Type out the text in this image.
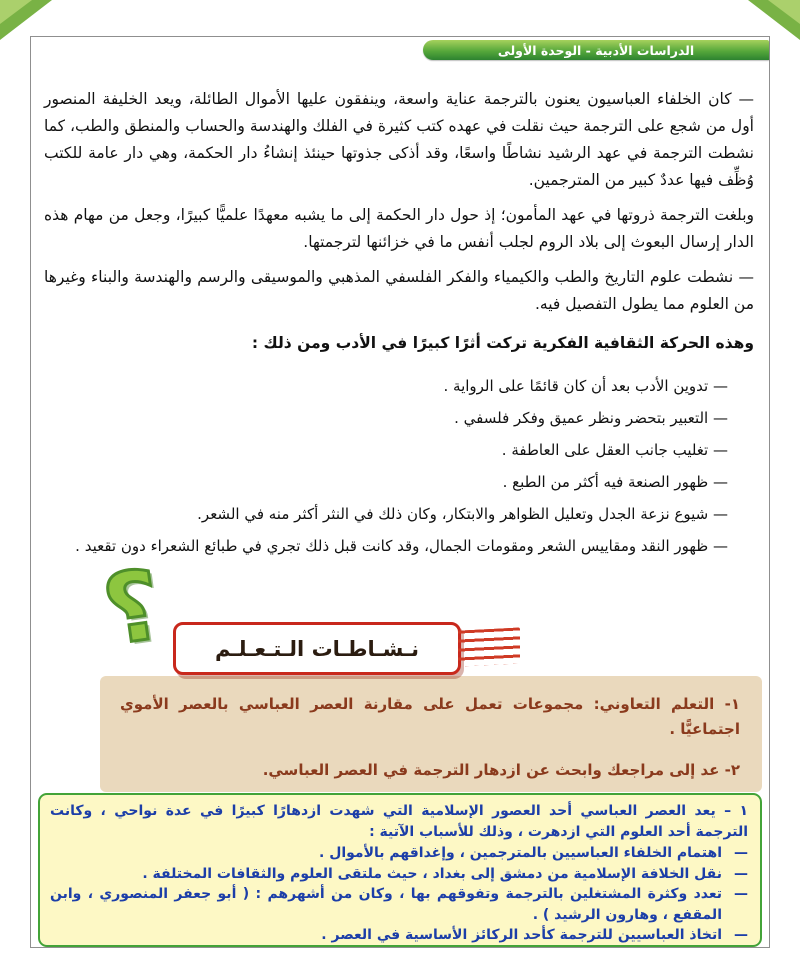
الدراسات الأدبية - الوحدة الأولى

— كان الخلفاء العباسيون يعنون بالترجمة عناية واسعة، وينفقون عليها الأموال الطائلة، ويعد الخليفة المنصور أول من شجع على الترجمة حيث نقلت في عهده كتب كثيرة في الفلك والهندسة والحساب والمنطق والطب، كما نشطت الترجمة في عهد الرشيد نشاطًا واسعًا، وقد أذكى جذوتها حينئذ إنشاءُ دار الحكمة، وهي دار عامة للكتب وُظِّف فيها عددٌ كبير من المترجمين.

وبلغت الترجمة ذروتها في عهد المأمون؛ إذ حول دار الحكمة إلى ما يشبه معهدًا علميًّا كبيرًا، وجعل من مهام هذه الدار إرسال البعوث إلى بلاد الروم لجلب أنفس ما في خزائنها لترجمتها.

— نشطت علوم التاريخ والطب والكيمياء والفكر الفلسفي المذهبي والموسيقى والرسم والهندسة والبناء وغيرها من العلوم مما يطول التفصيل فيه.

وهذه الحركة الثقافية الفكرية تركت أثرًا كبيرًا في الأدب ومن ذلك :

— تدوين الأدب بعد أن كان قائمًا على الرواية .
— التعبير بتحضر ونظر عميق وفكر فلسفي .
— تغليب جانب العقل على العاطفة .
— ظهور الصنعة فيه أكثر من الطبع .
— شيوع نزعة الجدل وتعليل الظواهر والابتكار، وكان ذلك في النثر أكثر منه في الشعر.
— ظهور النقد ومقاييس الشعر ومقومات الجمال، وقد كانت قبل ذلك تجري في طبائع الشعراء دون تقعيد .
؟ نـشـاطـات الـتـعـلـم
١- التعلم التعاوني: مجموعات تعمل على مقارنة العصر العباسي بالعصر الأموي اجتماعيًّا .
٢- عد إلى مراجعك وابحث عن ازدهار الترجمة في العصر العباسي.

١ – يعد العصر العباسي أحد العصور الإسلامية التي شهدت ازدهارًا كبيرًا في عدة نواحي ، وكانت الترجمة أحد العلوم التي ازدهرت ، وذلك للأسباب الآتية :

—
اهتمام الخلفاء العباسيين بالمترجمين ، وإغداقهم بالأموال .
—
نقل الخلافة الإسلامية من دمشق إلى بغداد ، حيث ملتقى العلوم والثقافات المختلفة .
—
تعدد وكثرة المشتغلين بالترجمة وتفوقهم بها ، وكان من أشهرهم : ( أبو جعفر المنصوري ، وابن المقفع ، وهارون الرشيد ) .
—
اتخاذ العباسيين للترجمة كأحد الركائز الأساسية في العصر .
